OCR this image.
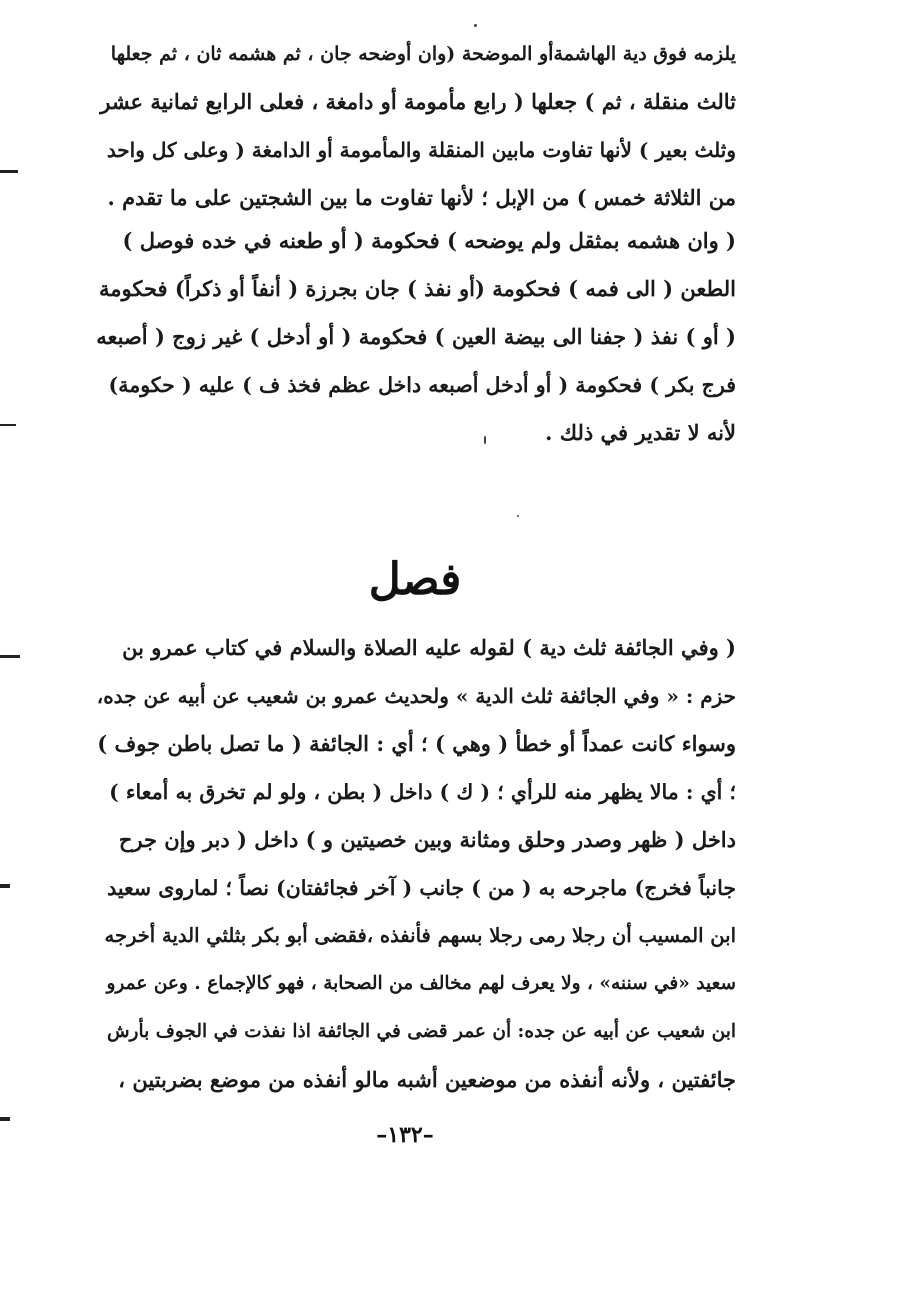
يلزمه فوق دية الهاشمةأو الموضحة (وان أوضحه جان ، ثم هشمه ثان ، ثم جعلها
ثالث منقلة ، ثم ) جعلها ( رابع مأمومة أو دامغة ، فعلى الرابع ثمانية عشر
وثلث بعير ) لأنها تفاوت مابين المنقلة والمأمومة أو الدامغة ( وعلى كل واحد
من الثلاثة خمس ) من الإبل ؛ لأنها تفاوت ما بين الشجتين على ما تقدم .
( وان هشمه بمثقل ولم يوضحه ) فحكومة ( أو طعنه في خده فوصل )
الطعن ( الى فمه ) فحكومة (أو نفذ ) جان بجرزة ( أنفاً أو ذكراً) فحكومة
( أو ) نفذ ( جفنا الى بيضة العين ) فحكومة ( أو أدخل ) غير زوج ( أصبعه
فرج بكر ) فحكومة ( أو أدخل أصبعه داخل عظم فخذ ف ) عليه ( حكومة)
لأنه لا تقدير في ذلك .
فصل
( وفي الجائفة ثلث دية ) لقوله عليه الصلاة والسلام في كتاب عمرو بن
حزم : « وفي الجائفة ثلث الدية » ولحديث عمرو بن شعيب عن أبيه عن جده،
وسواء كانت عمداً أو خطأ ( وهي ) ؛ أي : الجائفة ( ما تصل باطن جوف )
؛ أي : مالا يظهر منه للرأي ؛ ( ك ) داخل ( بطن ، ولو لم تخرق به أمعاء )
داخل ( ظهر وصدر وحلق ومثانة وبين خصيتين و ) داخل ( دبر وإن جرح
جانباً فخرج) ماجرحه به ( من ) جانب ( آخر فجائفتان) نصاً ؛ لماروى سعيد
ابن المسيب أن رجلا رمى رجلا بسهم فأنفذه ،فقضى أبو بكر بثلثي الدية أخرجه
سعيد «في سننه» ، ولا يعرف لهم مخالف من الصحابة ، فهو كالإجماع . وعن عمرو
ابن شعيب عن أبيه عن جده: أن عمر قضى في الجائفة اذا نفذت في الجوف بأرش
جائفتين ، ولأنه أنفذه من موضعين أشبه مالو أنفذه من موضع بضربتين ،
–١٣٢–
